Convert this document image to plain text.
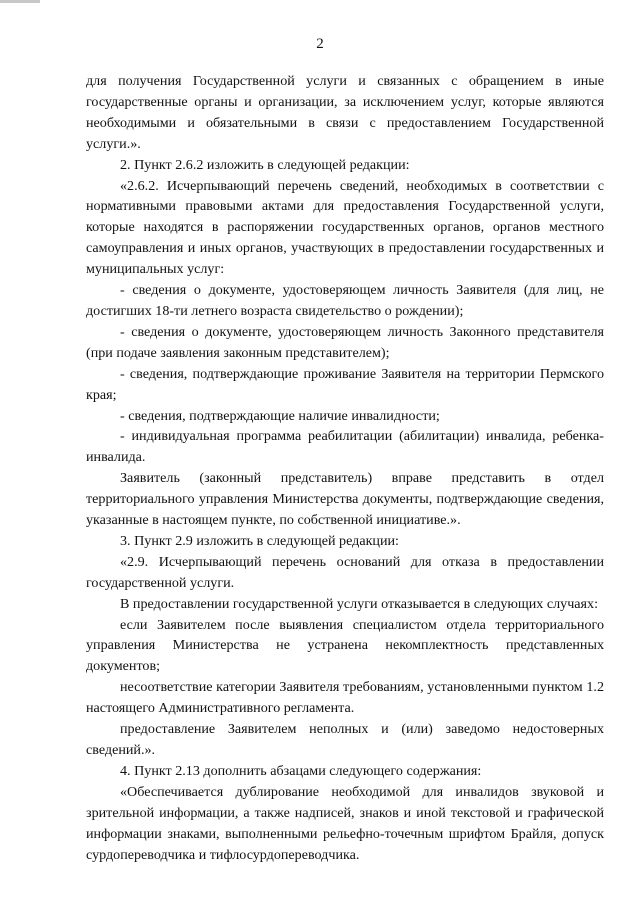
2

для получения Государственной услуги и связанных с обращением в иные государственные органы и организации, за исключением услуг, которые являются необходимыми и обязательными в связи с предоставлением Государственной услуги.».

2. Пункт 2.6.2 изложить в следующей редакции:

«2.6.2. Исчерпывающий перечень сведений, необходимых в соответствии с нормативными правовыми актами для предоставления Государственной услуги, которые находятся в распоряжении государственных органов, органов местного самоуправления и иных органов, участвующих в предоставлении государственных и муниципальных услуг:

- сведения о документе, удостоверяющем личность Заявителя (для лиц, не достигших 18-ти летнего возраста свидетельство о рождении);

- сведения о документе, удостоверяющем личность Законного представителя (при подаче заявления законным представителем);

- сведения, подтверждающие проживание Заявителя на территории Пермского края;

- сведения, подтверждающие наличие инвалидности;

- индивидуальная программа реабилитации (абилитации) инвалида, ребенка-инвалида.

Заявитель (законный представитель) вправе представить в отдел территориального управления Министерства документы, подтверждающие сведения, указанные в настоящем пункте, по собственной инициативе.».

3. Пункт 2.9 изложить в следующей редакции:

«2.9. Исчерпывающий перечень оснований для отказа в предоставлении государственной услуги.

В предоставлении государственной услуги отказывается в следующих случаях:

если Заявителем после выявления специалистом отдела территориального управления Министерства не устранена некомплектность представленных документов;

несоответствие категории Заявителя требованиям, установленными пунктом 1.2 настоящего Административного регламента.

предоставление Заявителем неполных и (или) заведомо недостоверных сведений.».

4. Пункт 2.13 дополнить абзацами следующего содержания:

«Обеспечивается дублирование необходимой для инвалидов звуковой и зрительной информации, а также надписей, знаков и иной текстовой и графической информации знаками, выполненными рельефно-точечным шрифтом Брайля, допуск сурдопереводчика и тифлосурдопереводчика.
